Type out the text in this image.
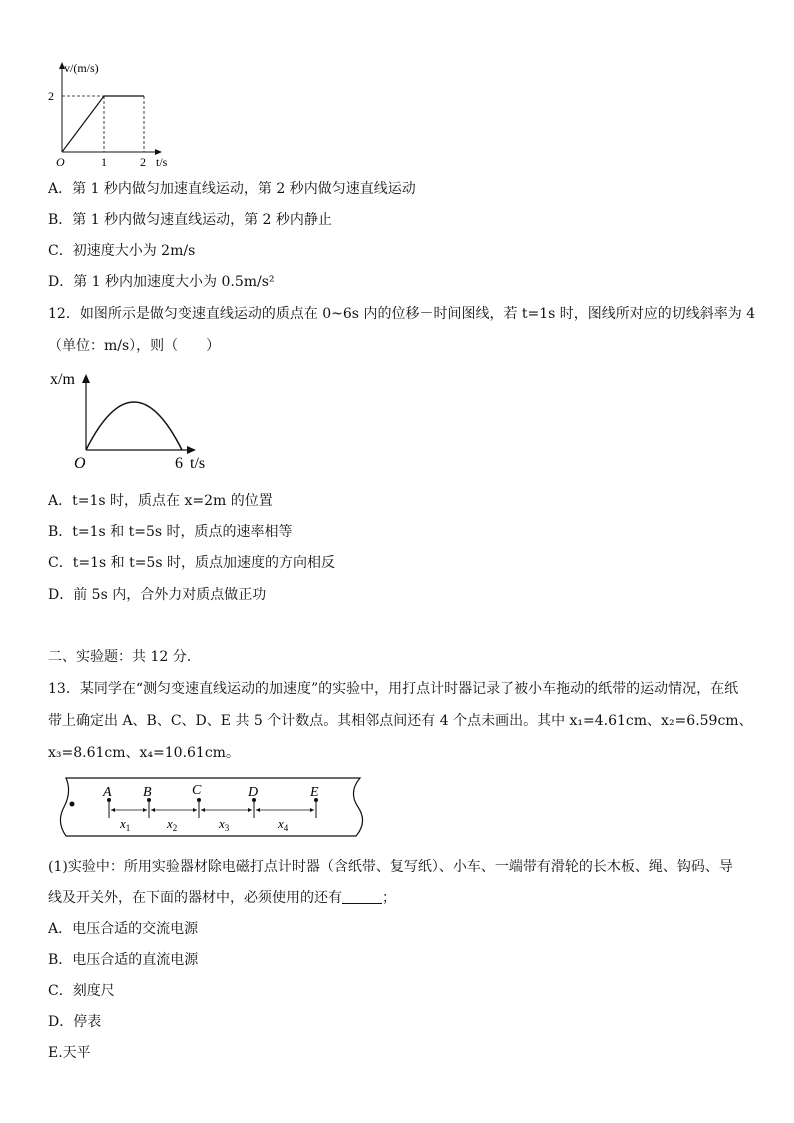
v/(m/s)
2
O	1	2 t/s
A．第 1 秒内做匀加速直线运动，第 2 秒内做匀速直线运动
B．第 1 秒内做匀速直线运动，第 2 秒内静止
C．初速度大小为 2m/s
D．第 1 秒内加速度大小为 0.5m/s²
12．如图所示是做匀变速直线运动的质点在 0~6s 内的位移－时间图线，若 t=1s 时，图线所对应的切线斜率为 4
（单位：m/s），则（　　）
x/m
O	6 t/s
A．t=1s 时，质点在 x=2m 的位置
B．t=1s 和 t=5s 时，质点的速率相等
C．t=1s 和 t=5s 时，质点加速度的方向相反
D．前 5s 内，合外力对质点做正功
二、实验题：共 12 分.
13．某同学在“测匀变速直线运动的加速度”的实验中，用打点计时器记录了被小车拖动的纸带的运动情况，在纸
带上确定出 A、B、C、D、E 共 5 个计数点。其相邻点间还有 4 个点未画出。其中 x₁=4.61cm、x₂=6.59cm、
x₃=8.61cm、x₄=10.61cm。
A B	C	D	E
$x_1$	$x_2$	$x_3$	$x_4$
(1)实验中：所用实验器材除电磁打点计时器（含纸带、复写纸）、小车、一端带有滑轮的长木板、绳、钩码、导
线及开关外，在下面的器材中，必须使用的还有	；
A．电压合适的交流电源
B．电压合适的直流电源
C．刻度尺
D．停表
E.天平
